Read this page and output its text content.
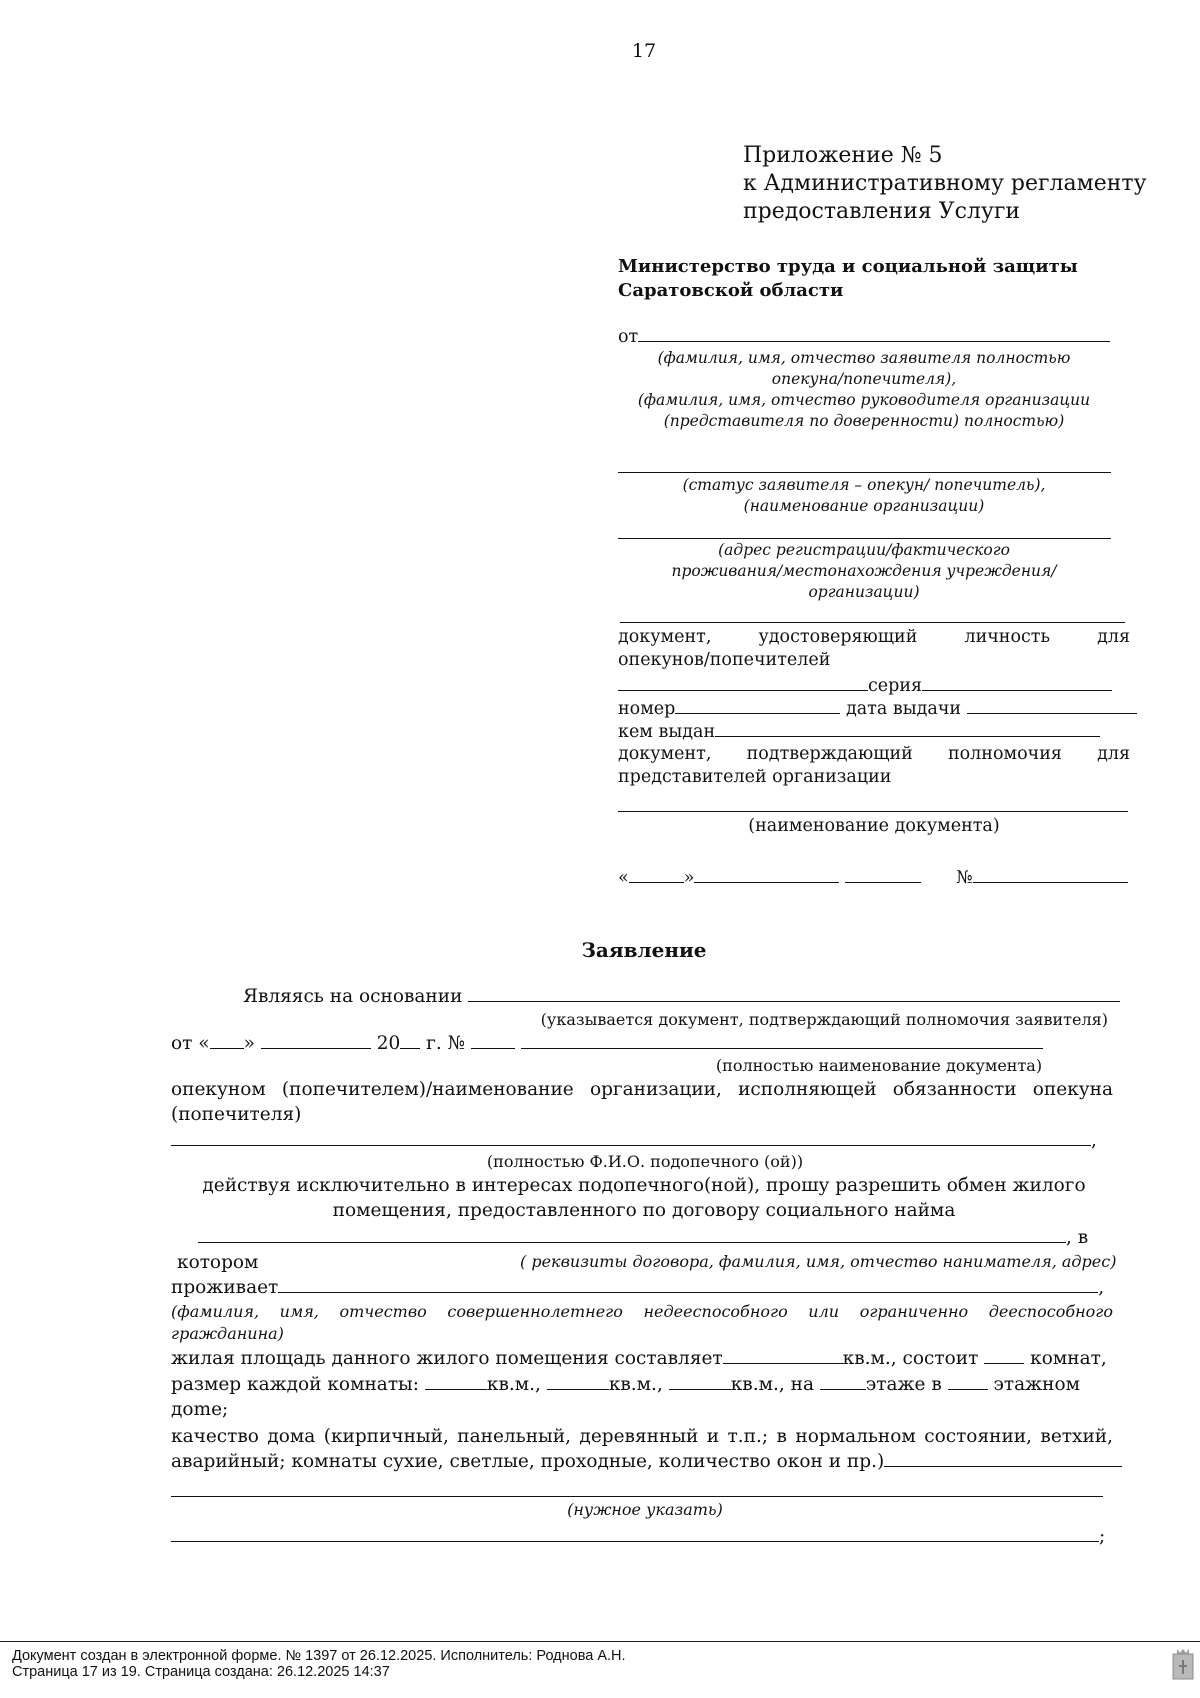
17
Приложение № 5
к Административному регламенту
предоставления Услуги
Министерство труда и социальной защиты
Саратовской области
от
(фамилия, имя, отчество заявителя полностью
опекуна/попечителя),
(фамилия, имя, отчество руководителя организации
(представителя по доверенности) полностью)
(статус заявителя – опекун/ попечитель),
(наименование организации)
(адрес регистрации/фактического
проживания/местонахождения учреждения/организации)
документ, удостоверяющий личность для
опекунов/попечителей
серия
номер	дата выдачи
кем выдан
документ, подтверждающий полномочия для
представителей организации
(наименование документа)
«	»	№
Заявление
Являясь на основании
(указывается документ, подтверждающий полномочия заявителя)
от « »	20 г. №
(полностью наименование документа)
опекуном (попечителем)/наименование организации, исполняющей обязанности опекуна
(попечителя)
,
(полностью Ф.И.О. подопечного (ой))
действуя исключительно в интересах подопечного(ной), прошу разрешить обмен жилого
помещения, предоставленного по договору социального найма
, в
котором	( реквизиты договора, фамилия, имя, отчество нанимателя, адрес)
проживает	,
(фамилия, имя, отчество совершеннолетнего недееспособного или ограниченно дееспособного
гражданина)
жилая площадь данного жилого помещения составляет	кв.м., состоит	комнат,
размер каждой комнаты:	кв.м.,	кв.м.,	кв.м., на	этаже в	этажном
дome;
качество дома (кирпичный, панельный, деревянный и т.п.; в нормальном состоянии, ветхий,
аварийный; комнаты сухие, светлые, проходные, количество окон и пр.)
(нужное указать)
;
Документ создан в электронной форме. № 1397 от 26.12.2025. Исполнитель: Роднова А.Н.
Страница 17 из 19. Страница создана: 26.12.2025 14:37
